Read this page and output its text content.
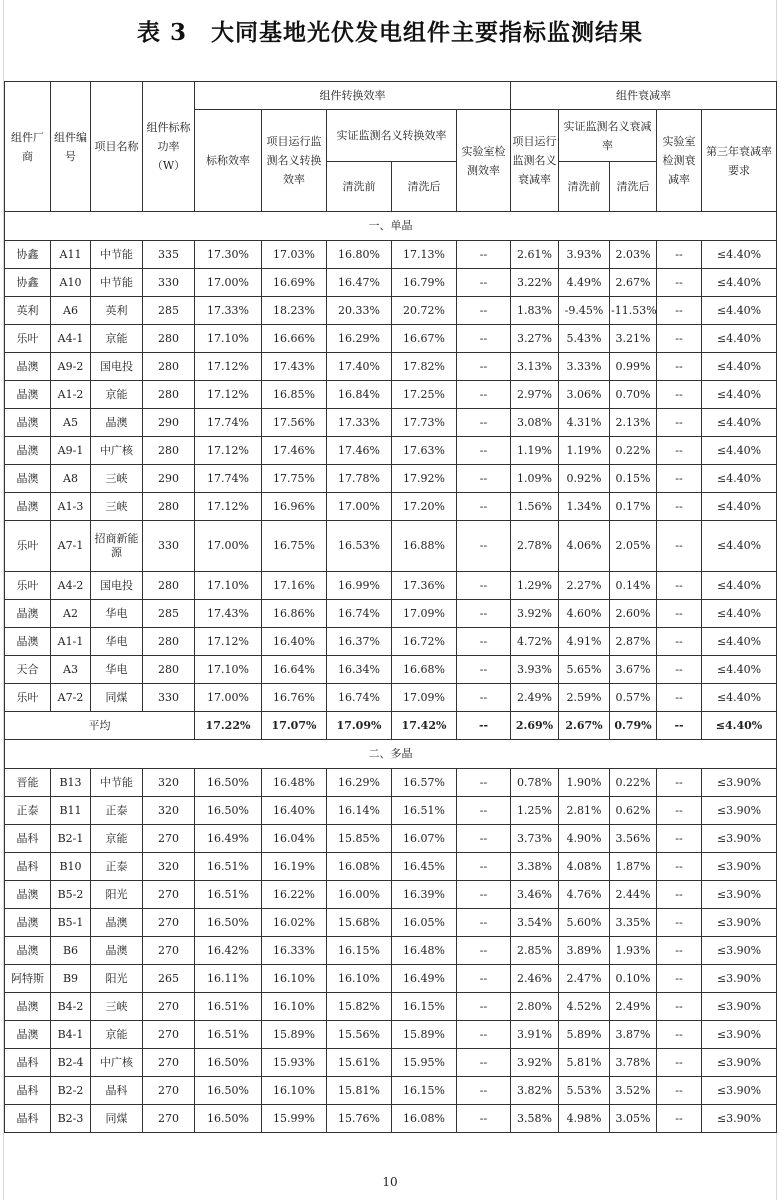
表 3　大同基地光伏发电组件主要指标监测结果
组件厂商	组件编号	项目名称	组件标称功率（W）	组件转换效率					组件衰减率				
				标称效率	项目运行监测名义转换效率	实证监测名义转换效率		实验室检测效率	项目运行监测名义衰减率	实证监测名义衰减率		实验室检测衰减率	第三年衰减率要求
						清洗前	清洗后			清洗前	清洗后		
一、单晶													
协鑫	A11	中节能	335	17.30%	17.03%	16.80%	17.13%	--	2.61%	3.93%	2.03%	--	≤4.40%
协鑫	A10	中节能	330	17.00%	16.69%	16.47%	16.79%	--	3.22%	4.49%	2.67%	--	≤4.40%
英利	A6	英利	285	17.33%	18.23%	20.33%	20.72%	--	1.83%	-9.45%	-11.53%	--	≤4.40%
乐叶	A4-1	京能	280	17.10%	16.66%	16.29%	16.67%	--	3.27%	5.43%	3.21%	--	≤4.40%
晶澳	A9-2	国电投	280	17.12%	17.43%	17.40%	17.82%	--	3.13%	3.33%	0.99%	--	≤4.40%
晶澳	A1-2	京能	280	17.12%	16.85%	16.84%	17.25%	--	2.97%	3.06%	0.70%	--	≤4.40%
晶澳	A5	晶澳	290	17.74%	17.56%	17.33%	17.73%	--	3.08%	4.31%	2.13%	--	≤4.40%
晶澳	A9-1	中广核	280	17.12%	17.46%	17.46%	17.63%	--	1.19%	1.19%	0.22%	--	≤4.40%
晶澳	A8	三峡	290	17.74%	17.75%	17.78%	17.92%	--	1.09%	0.92%	0.15%	--	≤4.40%
晶澳	A1-3	三峡	280	17.12%	16.96%	17.00%	17.20%	--	1.56%	1.34%	0.17%	--	≤4.40%
乐叶	A7-1	招商新能源	330	17.00%	16.75%	16.53%	16.88%	--	2.78%	4.06%	2.05%	--	≤4.40%
乐叶	A4-2	国电投	280	17.10%	17.16%	16.99%	17.36%	--	1.29%	2.27%	0.14%	--	≤4.40%
晶澳	A2	华电	285	17.43%	16.86%	16.74%	17.09%	--	3.92%	4.60%	2.60%	--	≤4.40%
晶澳	A1-1	华电	280	17.12%	16.40%	16.37%	16.72%	--	4.72%	4.91%	2.87%	--	≤4.40%
天合	A3	华电	280	17.10%	16.64%	16.34%	16.68%	--	3.93%	5.65%	3.67%	--	≤4.40%
乐叶	A7-2	同煤	330	17.00%	16.76%	16.74%	17.09%	--	2.49%	2.59%	0.57%	--	≤4.40%
平均				17.22%	17.07%	17.09%	17.42%	--	2.69%	2.67%	0.79%	--	≤4.40%
二、多晶													
晋能	B13	中节能	320	16.50%	16.48%	16.29%	16.57%	--	0.78%	1.90%	0.22%	--	≤3.90%
正泰	B11	正泰	320	16.50%	16.40%	16.14%	16.51%	--	1.25%	2.81%	0.62%	--	≤3.90%
晶科	B2-1	京能	270	16.49%	16.04%	15.85%	16.07%	--	3.73%	4.90%	3.56%	--	≤3.90%
晶科	B10	正泰	320	16.51%	16.19%	16.08%	16.45%	--	3.38%	4.08%	1.87%	--	≤3.90%
晶澳	B5-2	阳光	270	16.51%	16.22%	16.00%	16.39%	--	3.46%	4.76%	2.44%	--	≤3.90%
晶澳	B5-1	晶澳	270	16.50%	16.02%	15.68%	16.05%	--	3.54%	5.60%	3.35%	--	≤3.90%
晶澳	B6	晶澳	270	16.42%	16.33%	16.15%	16.48%	--	2.85%	3.89%	1.93%	--	≤3.90%
阿特斯	B9	阳光	265	16.11%	16.10%	16.10%	16.49%	--	2.46%	2.47%	0.10%	--	≤3.90%
晶澳	B4-2	三峡	270	16.51%	16.10%	15.82%	16.15%	--	2.80%	4.52%	2.49%	--	≤3.90%
晶澳	B4-1	京能	270	16.51%	15.89%	15.56%	15.89%	--	3.91%	5.89%	3.87%	--	≤3.90%
晶科	B2-4	中广核	270	16.50%	15.93%	15.61%	15.95%	--	3.92%	5.81%	3.78%	--	≤3.90%
晶科	B2-2	晶科	270	16.50%	16.10%	15.81%	16.15%	--	3.82%	5.53%	3.52%	--	≤3.90%
晶科	B2-3	同煤	270	16.50%	15.99%	15.76%	16.08%	--	3.58%	4.98%	3.05%	--	≤3.90%
10
